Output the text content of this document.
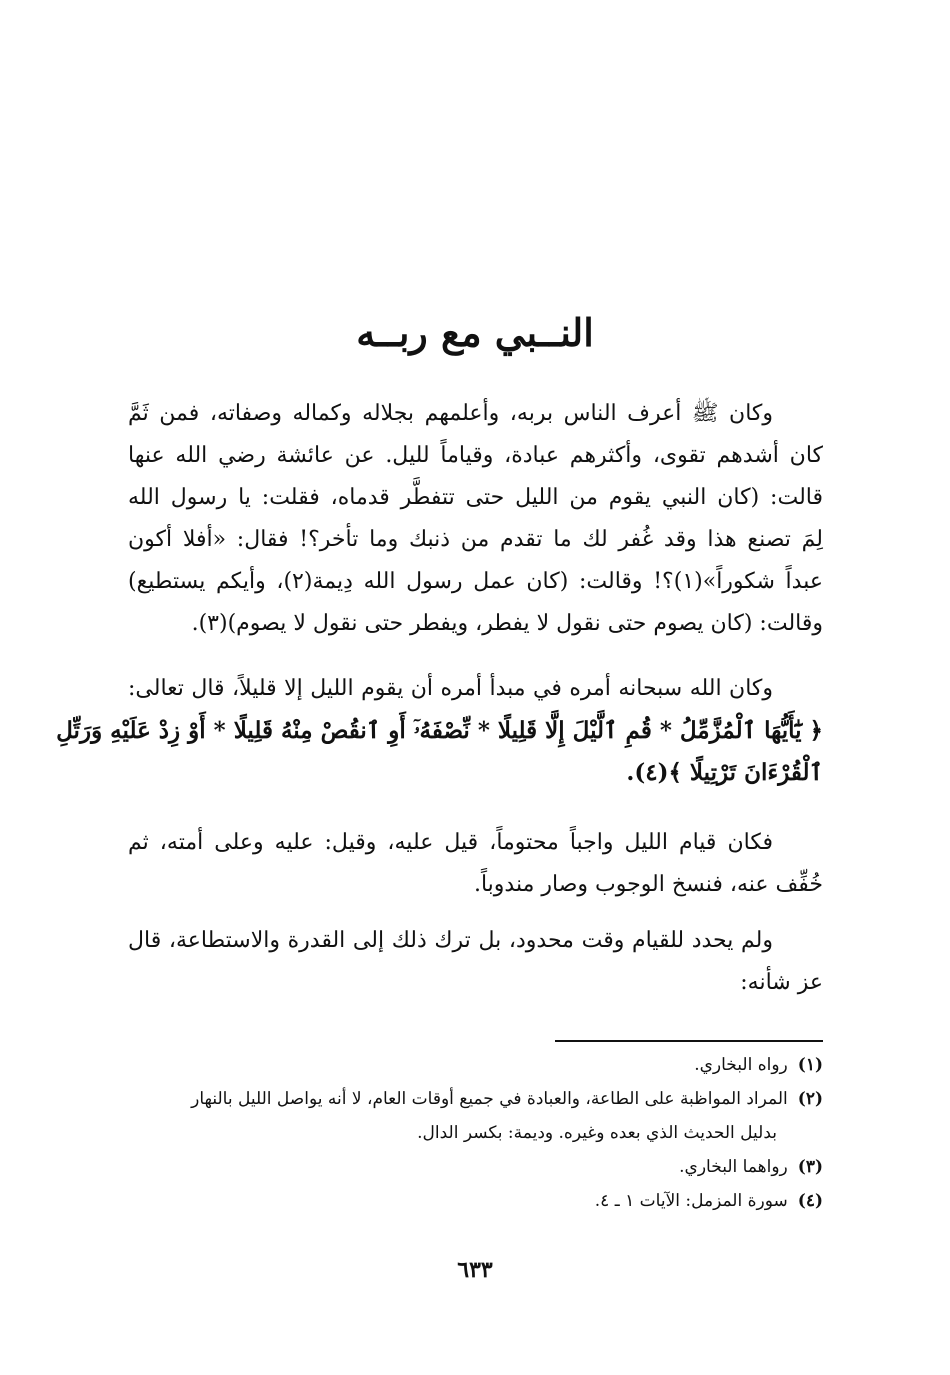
النــبي مع ربــه
وكان ﷺ أعرف الناس بربه، وأعلمهم بجلاله وكماله وصفاته، فمن ثَمَّ
كان أشدهم تقوى، وأكثرهم عبادة، وقياماً لليل. عن عائشة رضي الله عنها
قالت: (كان النبي يقوم من الليل حتى تتفطَّر قدماه، فقلت: يا رسول الله
لِمَ تصنع هذا وقد غُفر لك ما تقدم من ذنبك وما تأخر؟! فقال: «أفلا أكون
عبداً شكوراً»(١)؟! وقالت: (كان عمل رسول الله دِيمة(٢)، وأيكم يستطيع)
وقالت: (كان يصوم حتى نقول لا يفطر، ويفطر حتى نقول لا يصوم)(٣).
وكان الله سبحانه أمره في مبدأ أمره أن يقوم الليل إلا قليلاً، قال تعالى:
﴿ يَٰٓأَيُّهَا ٱلْمُزَّمِّلُ * قُمِ ٱلَّيْلَ إِلَّا قَلِيلًا * نِّصْفَهُۥٓ أَوِ ٱنقُصْ مِنْهُ قَلِيلًا * أَوْ زِدْ عَلَيْهِ وَرَتِّلِ
ٱلْقُرْءَانَ تَرْتِيلًا ﴾(٤).
فكان قيام الليل واجباً محتوماً، قيل عليه، وقيل: عليه وعلى أمته، ثم
خُفِّف عنه، فنسخ الوجوب وصار مندوباً.
ولم يحدد للقيام وقت محدود، بل ترك ذلك إلى القدرة والاستطاعة، قال
عز شأنه:
(١)رواه البخاري.
(٢)المراد المواظبة على الطاعة، والعبادة في جميع أوقات العام، لا أنه يواصل الليل بالنهار
بدليل الحديث الذي بعده وغيره. وديمة: بكسر الدال.
(٣)رواهما البخاري.
(٤)سورة المزمل: الآيات ١ ـ ٤.
٦٣٣
